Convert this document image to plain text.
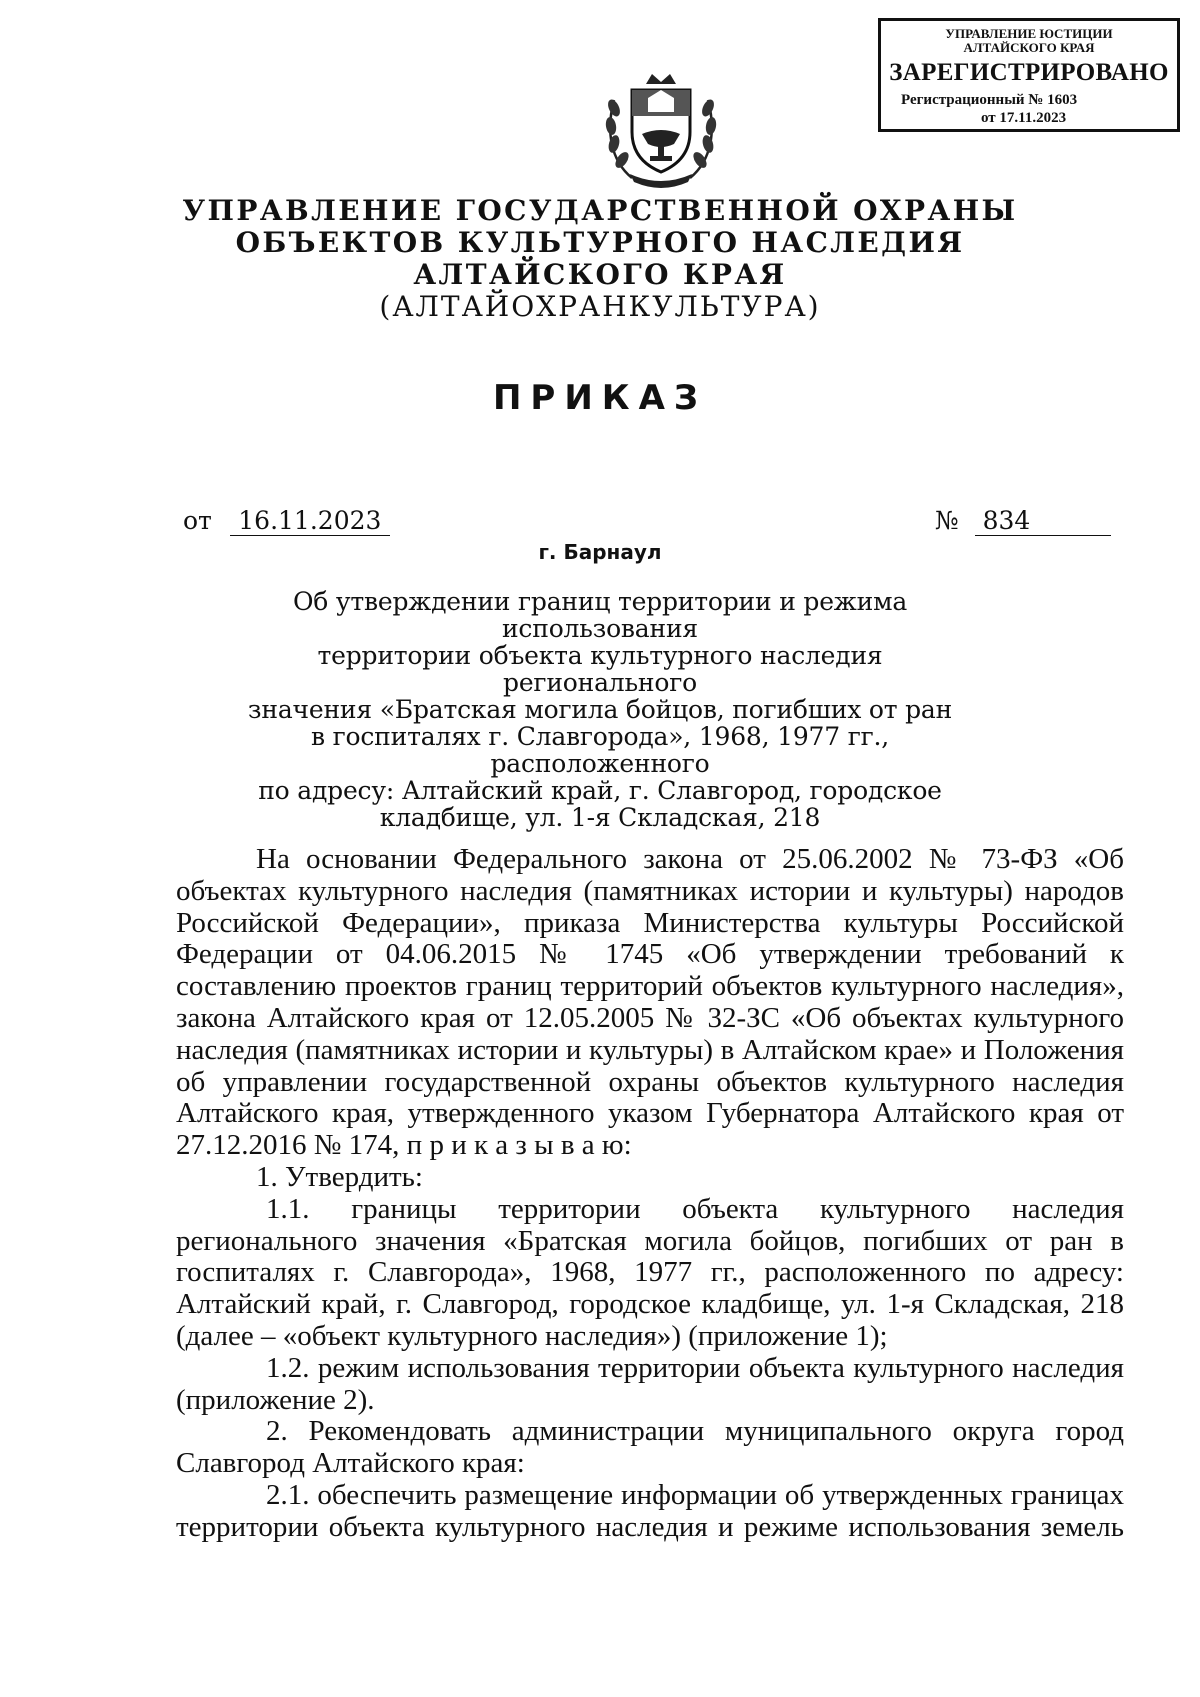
УПРАВЛЕНИЕ ЮСТИЦИИ
АЛТАЙСКОГО КРАЯ
ЗАРЕГИСТРИРОВАНО
Регистрационный № 1603
от 17.11.2023
УПРАВЛЕНИЕ ГОСУДАРСТВЕННОЙ ОХРАНЫ
ОБЪЕКТОВ КУЛЬТУРНОГО НАСЛЕДИЯ
АЛТАЙСКОГО КРАЯ
(АЛТАЙОХРАНКУЛЬТУРА)
ПРИКАЗ
от 16.11.2023	№ 834
г. Барнаул
Об утверждении границ территории и режима использования
территории объекта культурного наследия регионального
значения «Братская могила бойцов, погибших от ран
в госпиталях г. Славгорода», 1968, 1977 гг., расположенного
по адресу: Алтайский край, г. Славгород, городское
кладбище, ул. 1-я Складская, 218

На основании Федерального закона от 25.06.2002 № 73-ФЗ «Об объектах культурного наследия (памятниках истории и культуры) народов Российской Федерации», приказа Министерства культуры Российской Федерации от 04.06.2015 № 1745 «Об утверждении требований к составлению проектов границ территорий объектов культурного наследия», закона Алтайского края от 12.05.2005 № 32-ЗС «Об объектах культурного наследия (памятниках истории и культуры) в Алтайском крае» и Положения об управлении государственной охраны объектов культурного наследия Алтайского края, утвержденного указом Губернатора Алтайского края от 27.12.2016 № 174, п р и к а з ы в а ю:

1. Утвердить:

1.1. границы территории объекта культурного наследия регионального значения «Братская могила бойцов, погибших от ран в госпиталях г. Славгорода», 1968, 1977 гг., расположенного по адресу: Алтайский край, г. Славгород, городское кладбище, ул. 1-я Складская, 218 (далее – «объект культурного наследия») (приложение 1);

1.2. режим использования территории объекта культурного наследия (приложение 2).

2. Рекомендовать администрации муниципального округа город Славгород Алтайского края:

2.1. обеспечить размещение информации об утвержденных границах территории объекта культурного наследия и режиме использования земель
